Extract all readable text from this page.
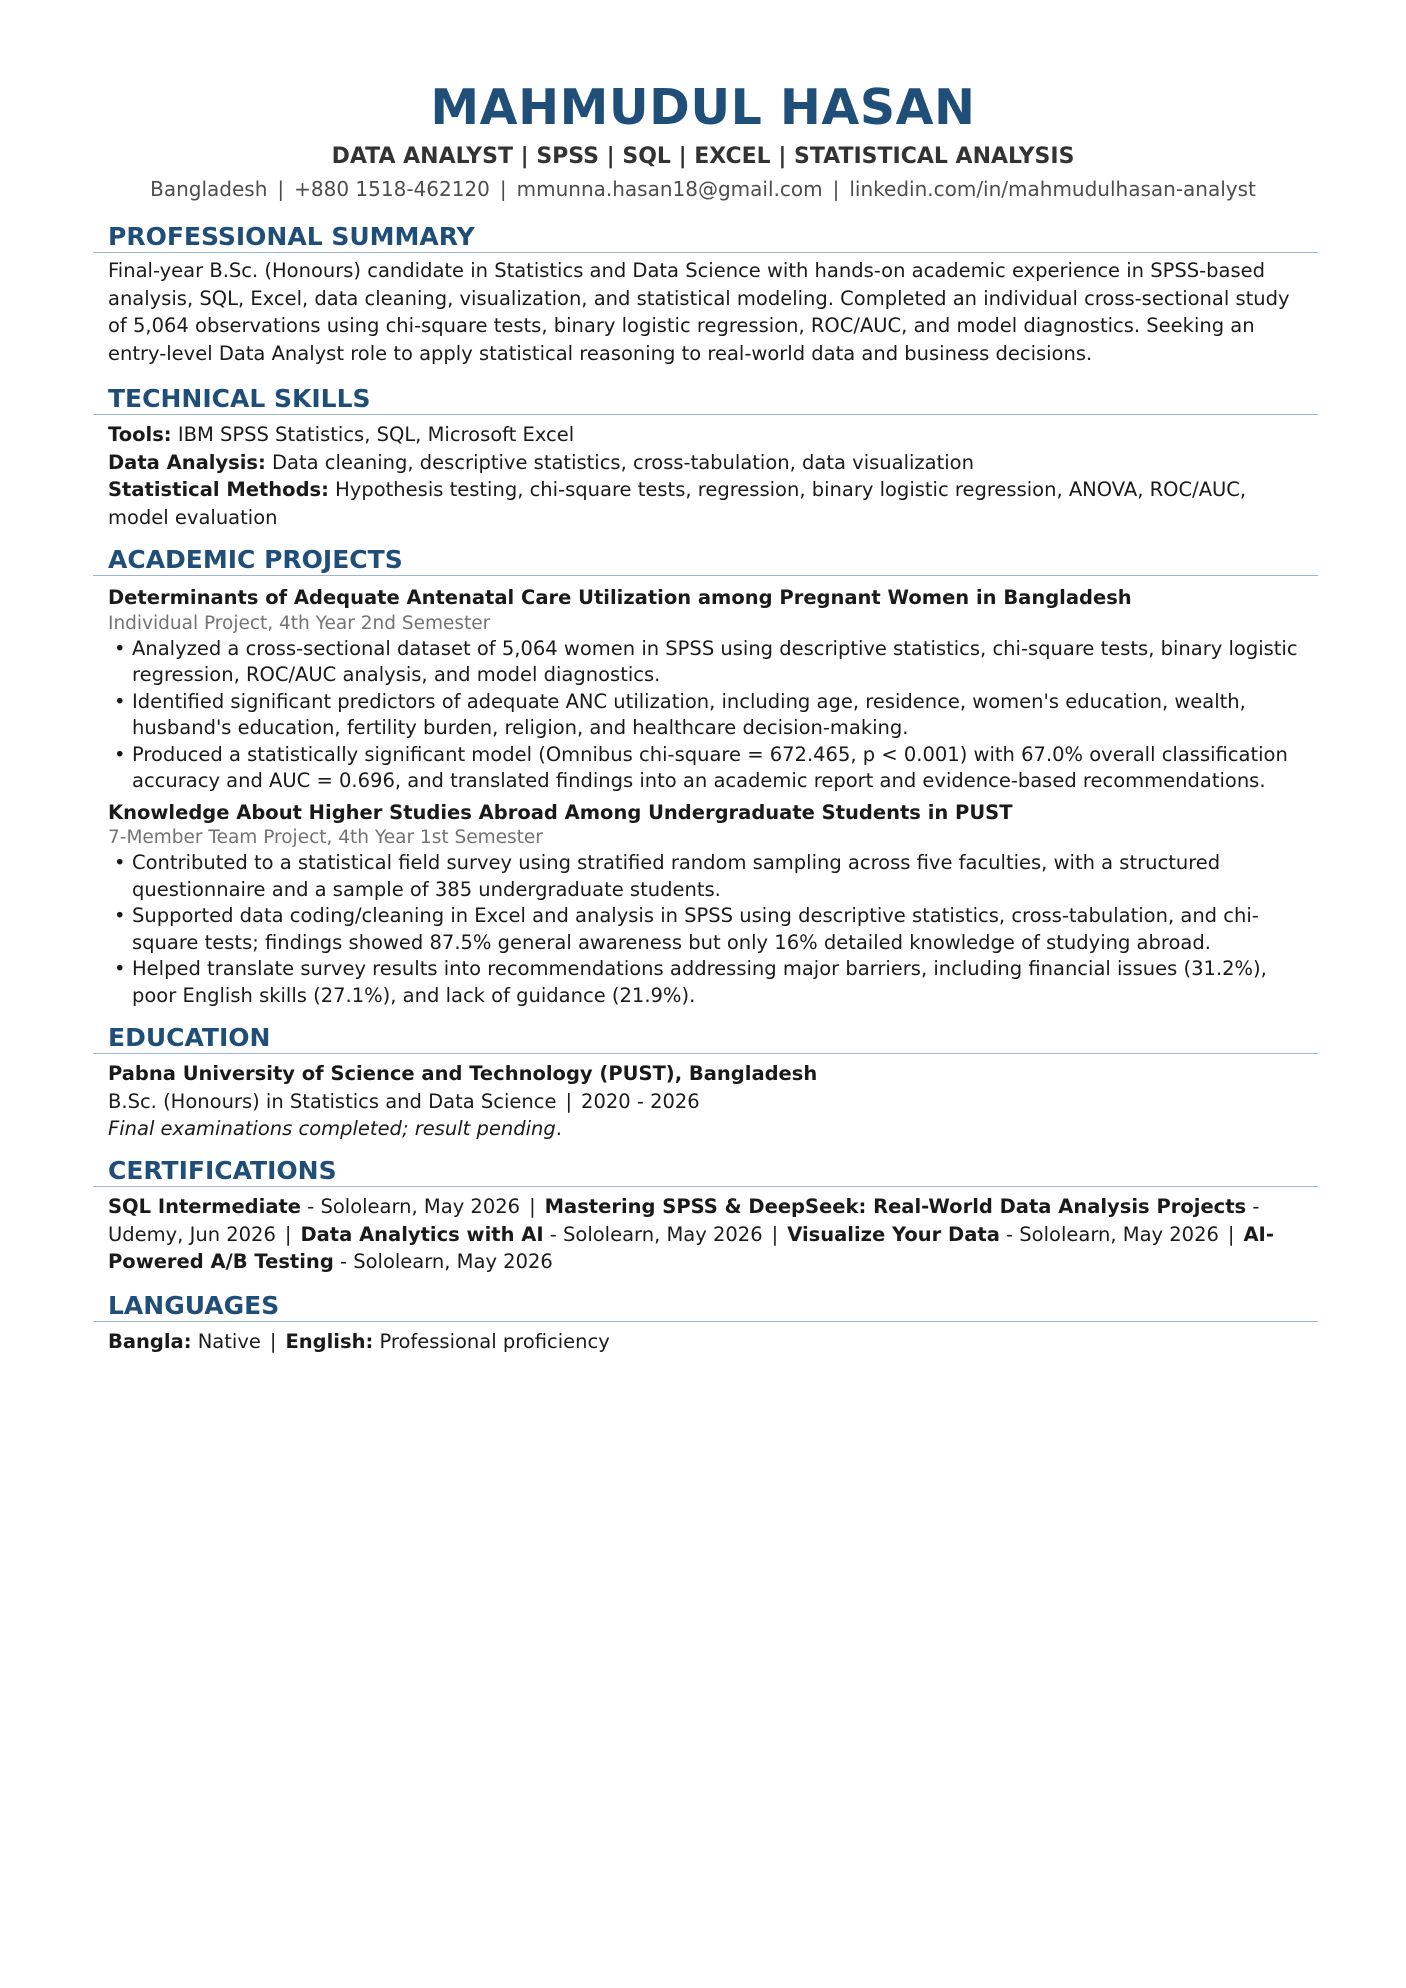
MAHMUDUL HASAN
DATA ANALYST | SPSS | SQL | EXCEL | STATISTICAL ANALYSIS
Bangladesh | +880 1518-462120 | mmunna.hasan18@gmail.com | linkedin.com/in/mahmudulhasan-analyst
PROFESSIONAL SUMMARY
Final-year B.Sc. (Honours) candidate in Statistics and Data Science with hands-on academic experience in SPSS-based analysis, SQL, Excel, data cleaning, visualization, and statistical modeling. Completed an individual cross-sectional study of 5,064 observations using chi-square tests, binary logistic regression, ROC/AUC, and model diagnostics. Seeking an entry-level Data Analyst role to apply statistical reasoning to real-world data and business decisions.
TECHNICAL SKILLS
Tools: IBM SPSS Statistics, SQL, Microsoft Excel
Data Analysis: Data cleaning, descriptive statistics, cross-tabulation, data visualization
Statistical Methods: Hypothesis testing, chi-square tests, regression, binary logistic regression, ANOVA, ROC/AUC, model evaluation
ACADEMIC PROJECTS
Determinants of Adequate Antenatal Care Utilization among Pregnant Women in Bangladesh
Individual Project, 4th Year 2nd Semester
• Analyzed a cross-sectional dataset of 5,064 women in SPSS using descriptive statistics, chi-square tests, binary logistic regression, ROC/AUC analysis, and model diagnostics.
• Identified significant predictors of adequate ANC utilization, including age, residence, women's education, wealth, husband's education, fertility burden, religion, and healthcare decision-making.
• Produced a statistically significant model (Omnibus chi-square = 672.465, p < 0.001) with 67.0% overall classification accuracy and AUC = 0.696, and translated findings into an academic report and evidence-based recommendations.
Knowledge About Higher Studies Abroad Among Undergraduate Students in PUST
7-Member Team Project, 4th Year 1st Semester
• Contributed to a statistical field survey using stratified random sampling across five faculties, with a structured questionnaire and a sample of 385 undergraduate students.
• Supported data coding/cleaning in Excel and analysis in SPSS using descriptive statistics, cross-tabulation, and chi-square tests; findings showed 87.5% general awareness but only 16% detailed knowledge of studying abroad.
• Helped translate survey results into recommendations addressing major barriers, including financial issues (31.2%), poor English skills (27.1%), and lack of guidance (21.9%).
EDUCATION
Pabna University of Science and Technology (PUST), Bangladesh
B.Sc. (Honours) in Statistics and Data Science | 2020 - 2026
Final examinations completed; result pending.
CERTIFICATIONS
SQL Intermediate - Sololearn, May 2026 | Mastering SPSS & DeepSeek: Real-World Data Analysis Projects - Udemy, Jun 2026 | Data Analytics with AI - Sololearn, May 2026 | Visualize Your Data - Sololearn, May 2026 | AI-Powered A/B Testing - Sololearn, May 2026
LANGUAGES
Bangla: Native | English: Professional proficiency
